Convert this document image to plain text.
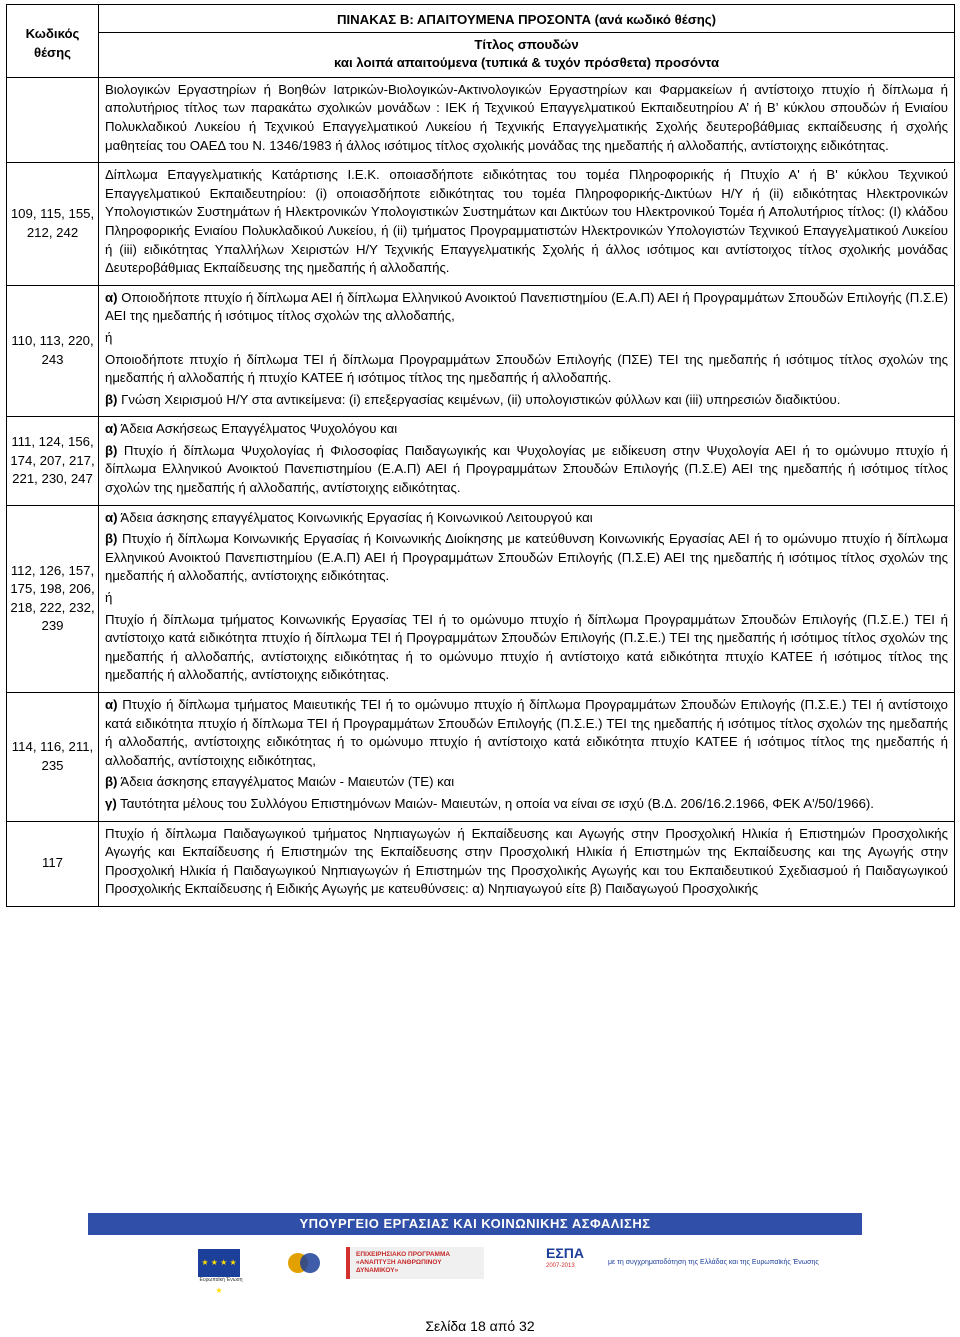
Κωδικός
θέσης	ΠΙΝΑΚΑΣ Β: ΑΠΑΙΤΟΥΜΕΝΑ ΠΡΟΣΟΝΤΑ (ανά κωδικό θέσης)

	Τίτλος σπουδών
και λοιπά απαιτούμενα (τυπικά & τυχόν πρόσθετα) προσόντα

	Βιολογικών Εργαστηρίων ή Βοηθών Ιατρικών-Βιολογικών-Ακτινολογικών Εργαστηρίων και Φαρμακείων ή αντίστοιχο πτυχίο ή δίπλωμα ή απολυτήριος τίτλος των παρακάτω σχολικών μονάδων : ΙΕΚ ή Τεχνικού Επαγγελματικού Εκπαιδευτηρίου Α’ ή Β’ κύκλου σπουδών ή Ενιαίου Πολυκλαδικού Λυκείου ή Τεχνικού Επαγγελματικού Λυκείου ή Τεχνικής Επαγγελματικής Σχολής δευτεροβάθμιας εκπαίδευσης ή σχολής μαθητείας του ΟΑΕΔ του Ν. 1346/1983 ή άλλος ισότιμος τίτλος σχολικής μονάδας της ημεδαπής ή αλλοδαπής, αντίστοιχης ειδικότητας.

109, 115, 155, 212, 242	Δίπλωμα Επαγγελματικής Κατάρτισης Ι.Ε.Κ. οποιασδήποτε ειδικότητας του τομέα Πληροφορικής ή Πτυχίο Α' ή Β' κύκλου Τεχνικού Επαγγελματικού Εκπαιδευτηρίου: (i) οποιασδήποτε ειδικότητας του τομέα Πληροφορικής-Δικτύων Η/Υ ή (ii) ειδικότητας Ηλεκτρονικών Υπολογιστικών Συστημάτων ή Ηλεκτρονικών Υπολογιστικών Συστημάτων και Δικτύων του Ηλεκτρονικού Τομέα ή Απολυτήριος τίτλος: (I) κλάδου Πληροφορικής Ενιαίου Πολυκλαδικού Λυκείου, ή (ii) τμήματος Προγραμματιστών Ηλεκτρονικών Υπολογιστών Τεχνικού Επαγγελματικού Λυκείου ή (iii) ειδικότητας Υπαλλήλων Χειριστών Η/Υ Τεχνικής Επαγγελματικής Σχολής ή άλλος ισότιμος και αντίστοιχος τίτλος σχολικής μονάδας Δευτεροβάθμιας Εκπαίδευσης της ημεδαπής ή αλλοδαπής.

110, 113, 220, 243	α) Οποιοδήποτε πτυχίο ή δίπλωμα ΑΕΙ ή δίπλωμα Ελληνικού Ανοικτού Πανεπιστημίου (Ε.Α.Π) ΑΕΙ ή Προγραμμάτων Σπουδών Επιλογής (Π.Σ.Ε) ΑΕΙ της ημεδαπής ή ισότιμος τίτλος σχολών της αλλοδαπής,

ή

Οποιοδήποτε πτυχίο ή δίπλωμα ΤΕΙ ή δίπλωμα Προγραμμάτων Σπουδών Επιλογής (ΠΣΕ) ΤΕΙ της ημεδαπής ή ισότιμος τίτλος σχολών της ημεδαπής ή αλλοδαπής ή πτυχίο ΚΑΤΕΕ ή ισότιμος τίτλος της ημεδαπής ή αλλοδαπής.

β) Γνώση Χειρισμού Η/Υ στα αντικείμενα: (i) επεξεργασίας κειμένων, (ii) υπολογιστικών φύλλων και (iii) υπηρεσιών διαδικτύου.

111, 124, 156, 174, 207, 217, 221, 230, 247	α) Άδεια Ασκήσεως Επαγγέλματος Ψυχολόγου και

β) Πτυχίο ή δίπλωμα Ψυχολογίας ή Φιλοσοφίας Παιδαγωγικής και Ψυχολογίας με ειδίκευση στην Ψυχολογία ΑΕΙ ή το ομώνυμο πτυχίο ή δίπλωμα Ελληνικού Ανοικτού Πανεπιστημίου (Ε.Α.Π) ΑΕΙ ή Προγραμμάτων Σπουδών Επιλογής (Π.Σ.Ε) ΑΕΙ της ημεδαπής ή ισότιμος τίτλος σχολών της ημεδαπής ή αλλοδαπής, αντίστοιχης ειδικότητας.

112, 126, 157, 175, 198, 206, 218, 222, 232, 239	α) Άδεια άσκησης επαγγέλματος Κοινωνικής Εργασίας ή Κοινωνικού Λειτουργού και

β) Πτυχίο ή δίπλωμα Κοινωνικής Εργασίας ή Κοινωνικής Διοίκησης με κατεύθυνση Κοινωνικής Εργασίας ΑΕΙ ή το ομώνυμο πτυχίο ή δίπλωμα Ελληνικού Ανοικτού Πανεπιστημίου (Ε.Α.Π) ΑΕΙ ή Προγραμμάτων Σπουδών Επιλογής (Π.Σ.Ε) ΑΕΙ της ημεδαπής ή ισότιμος τίτλος σχολών της ημεδαπής ή αλλοδαπής, αντίστοιχης ειδικότητας.

ή

Πτυχίο ή δίπλωμα τμήματος Κοινωνικής Εργασίας ΤΕΙ ή το ομώνυμο πτυχίο ή δίπλωμα Προγραμμάτων Σπουδών Επιλογής (Π.Σ.Ε.) ΤΕΙ ή αντίστοιχο κατά ειδικότητα πτυχίο ή δίπλωμα ΤΕΙ ή Προγραμμάτων Σπουδών Επιλογής (Π.Σ.Ε.) ΤΕΙ της ημεδαπής ή ισότιμος τίτλος σχολών της ημεδαπής ή αλλοδαπής, αντίστοιχης ειδικότητας ή το ομώνυμο πτυχίο ή αντίστοιχο κατά ειδικότητα πτυχίο ΚΑΤΕΕ ή ισότιμος τίτλος της ημεδαπής ή αλλοδαπής, αντίστοιχης ειδικότητας.

114, 116, 211, 235	α) Πτυχίο ή δίπλωμα τμήματος Μαιευτικής ΤΕΙ ή το ομώνυμο πτυχίο ή δίπλωμα Προγραμμάτων Σπουδών Επιλογής (Π.Σ.Ε.) ΤΕΙ ή αντίστοιχο κατά ειδικότητα πτυχίο ή δίπλωμα ΤΕΙ ή Προγραμμάτων Σπουδών Επιλογής (Π.Σ.Ε.) ΤΕΙ της ημεδαπής ή ισότιμος τίτλος σχολών της ημεδαπής ή αλλοδαπής, αντίστοιχης ειδικότητας ή το ομώνυμο πτυχίο ή αντίστοιχο κατά ειδικότητα πτυχίο ΚΑΤΕΕ ή ισότιμος τίτλος της ημεδαπής ή αλλοδαπής, αντίστοιχης ειδικότητας,

β) Άδεια άσκησης επαγγέλματος Μαιών - Μαιευτών (ΤΕ) και

γ) Ταυτότητα μέλους του Συλλόγου Επιστημόνων Μαιών- Μαιευτών, η οποία να είναι σε ισχύ (Β.Δ. 206/16.2.1966, ΦΕΚ Α'/50/1966).

117	Πτυχίο ή δίπλωμα Παιδαγωγικού τμήματος Νηπιαγωγών ή Εκπαίδευσης και Αγωγής στην Προσχολική Ηλικία ή Επιστημών Προσχολικής Αγωγής και Εκπαίδευσης ή Επιστημών της Εκπαίδευσης στην Προσχολική Ηλικία ή Επιστημών της Εκπαίδευσης και της Αγωγής στην Προσχολική Ηλικία ή Παιδαγωγικού Νηπιαγωγών ή Επιστημών της Προσχολικής Αγωγής και του Εκπαιδευτικού Σχεδιασμού ή Παιδαγωγικού Προσχολικής Εκπαίδευσης ή Ειδικής Αγωγής με κατευθύνσεις: α) Νηπιαγωγού είτε β) Παιδαγωγού Προσχολικής

ΥΠΟΥΡΓΕΙΟ ΕΡΓΑΣΙΑΣ ΚΑΙ ΚΟΙΝΩΝΙΚΗΣ ΑΣΦΑΛΙΣΗΣ
★ ★ ★ ★ ★
Ευρωπαϊκή Ένωση
ΕΠΙΧΕΙΡΗΣΙΑΚΟ ΠΡΟΓΡΑΜΜΑ «ΑΝΑΠΤΥΞΗ ΑΝΘΡΩΠΙΝΟΥ ΔΥΝΑΜΙΚΟΥ»
ΕΣΠΑ
2007-2013	με τη συγχρηματοδότηση της Ελλάδας και της Ευρωπαϊκής Ένωσης
Σελίδα 18 από 32
